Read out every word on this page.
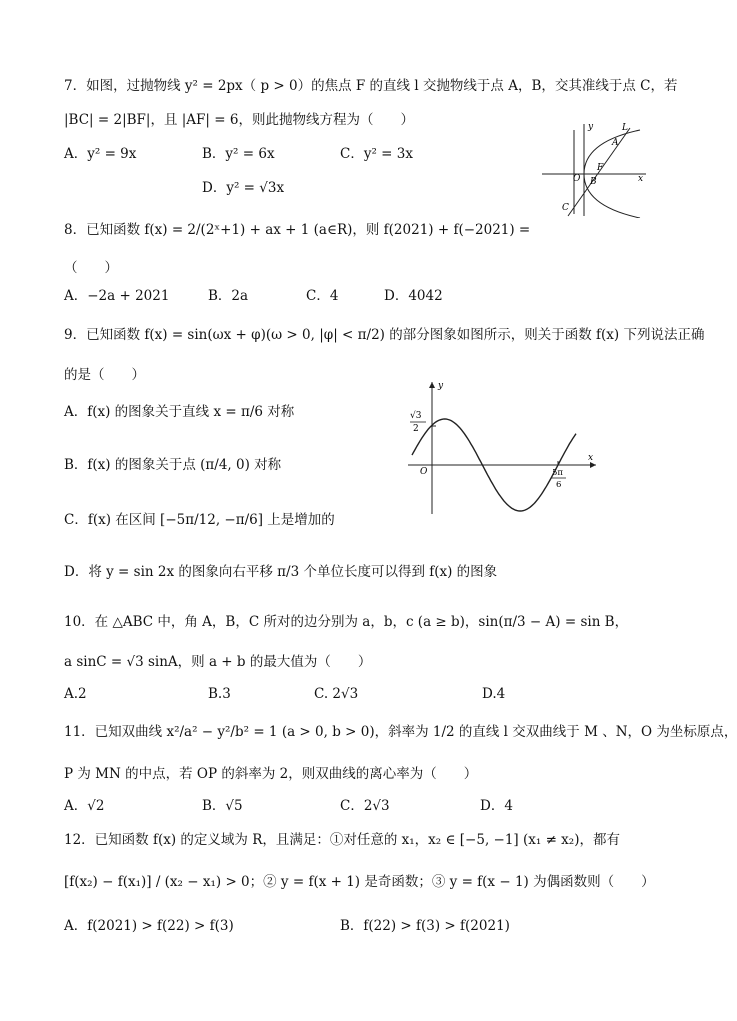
7．如图，过抛物线 y² = 2px（ p > 0）的焦点 F 的直线 l 交抛物线于点 A，B，交其准线于点 C，若
|BC| = 2|BF|，且 |AF| = 6，则此抛物线方程为（　　）
A．y² = 9x	B．y² = 6x	C．y² = 3x
D．y² = √3x
y	L
A
F
O B
C
x
8．已知函数 f(x) = 2/(2ˣ+1) + ax + 1 (a∈R)，则 f(2021) + f(−2021) =
（　　）
A．−2a + 2021	B．2a	C．4	D．4042
9．已知函数 f(x) = sin(ωx + φ)(ω > 0, |φ| < π/2) 的部分图象如图所示，则关于函数 f(x) 下列说法正确
的是（　　）
A．f(x) 的图象关于直线 x = π/6 对称
B．f(x) 的图象关于点 (π/4, 0) 对称
C．f(x) 在区间 [−5π/12, −π/6] 上是增加的
D．将 y = sin 2x 的图象向右平移 π/3 个单位长度可以得到 f(x) 的图象
√3
2
O	5π
6
y
x
10．在 △ABC 中，角 A，B，C 所对的边分别为 a，b，c (a ≥ b)，sin(π/3 − A) = sin B，
a sinC = √3 sinA，则 a + b 的最大值为（　　）
A.2	B.3	C. 2√3	D.4
11．已知双曲线 x²/a² − y²/b² = 1 (a > 0, b > 0)，斜率为 1/2 的直线 l 交双曲线于 M 、N，O 为坐标原点，
P 为 MN 的中点，若 OP 的斜率为 2，则双曲线的离心率为（　　）
A．√2	B．√5	C．2√3	D．4
12．已知函数 f(x) 的定义域为 R，且满足：①对任意的 x₁，x₂ ∈ [−5, −1] (x₁ ≠ x₂)，都有
[f(x₂) − f(x₁)] / (x₂ − x₁) > 0；② y = f(x + 1) 是奇函数；③ y = f(x − 1) 为偶函数则（　　）
A．f(2021) > f(22) > f(3)	B．f(22) > f(3) > f(2021)
